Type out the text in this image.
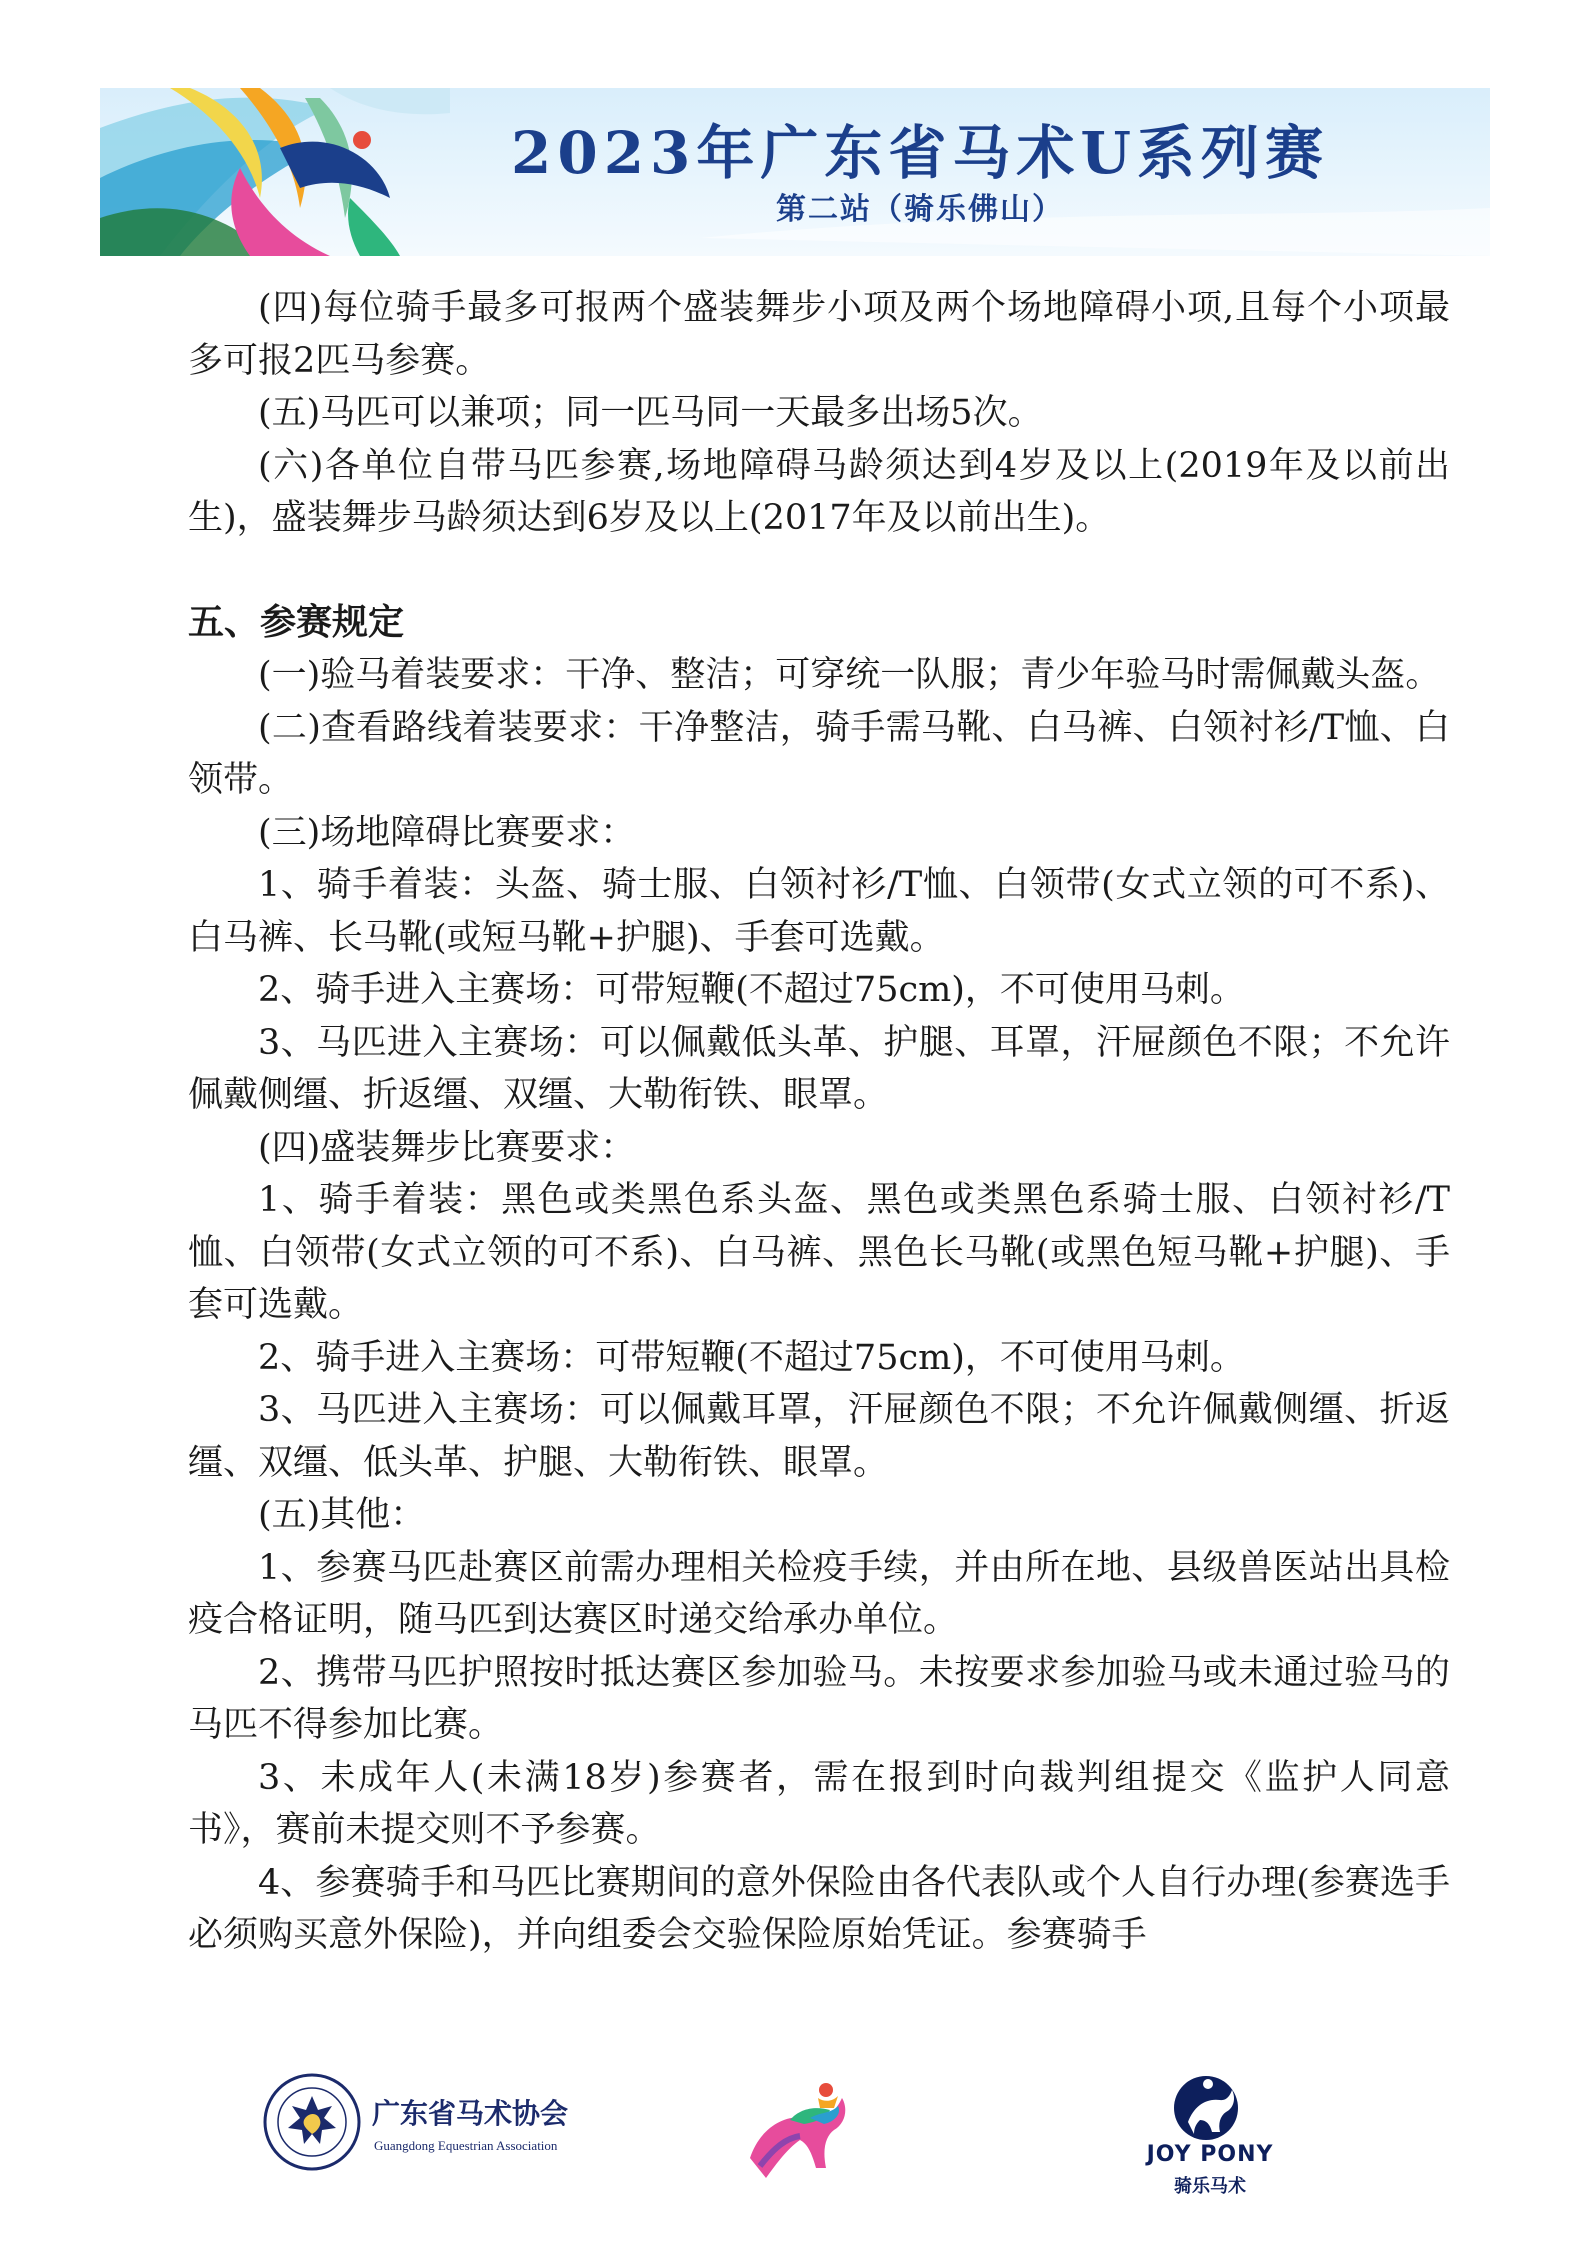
2023年广东省马术U系列赛
第二站（骑乐佛山）

(四)每位骑手最多可报两个盛装舞步小项及两个场地障碍小项,且每个小项最多可报2匹马参赛。

(五)马匹可以兼项；同一匹马同一天最多出场5次。

(六)各单位自带马匹参赛,场地障碍马龄须达到4岁及以上(2019年及以前出生)，盛装舞步马龄须达到6岁及以上(2017年及以前出生)。

五、参赛规定

(一)验马着装要求：干净、整洁；可穿统一队服；青少年验马时需佩戴头盔。

(二)查看路线着装要求：干净整洁，骑手需马靴、白马裤、白领衬衫/T恤、白领带。

(三)场地障碍比赛要求：

1、骑手着装：头盔、骑士服、白领衬衫/T恤、白领带(女式立领的可不系)、白马裤、长马靴(或短马靴+护腿)、手套可选戴。

2、骑手进入主赛场：可带短鞭(不超过75cm)，不可使用马刺。

3、马匹进入主赛场：可以佩戴低头革、护腿、耳罩，汗屉颜色不限；不允许佩戴侧缰、折返缰、双缰、大勒衔铁、眼罩。

(四)盛装舞步比赛要求：

1、骑手着装：黑色或类黑色系头盔、黑色或类黑色系骑士服、白领衬衫/T恤、白领带(女式立领的可不系)、白马裤、黑色长马靴(或黑色短马靴+护腿)、手套可选戴。

2、骑手进入主赛场：可带短鞭(不超过75cm)，不可使用马刺。

3、马匹进入主赛场：可以佩戴耳罩，汗屉颜色不限；不允许佩戴侧缰、折返缰、双缰、低头革、护腿、大勒衔铁、眼罩。

(五)其他：

1、参赛马匹赴赛区前需办理相关检疫手续，并由所在地、县级兽医站出具检疫合格证明，随马匹到达赛区时递交给承办单位。

2、携带马匹护照按时抵达赛区参加验马。未按要求参加验马或未通过验马的马匹不得参加比赛。

3、未成年人(未满18岁)参赛者，需在报到时向裁判组提交《监护人同意书》，赛前未提交则不予参赛。

4、参赛骑手和马匹比赛期间的意外保险由各代表队或个人自行办理(参赛选手必须购买意外保险)，并向组委会交验保险原始凭证。参赛骑手

广东省马术协会
Guangdong Equestrian Association	JOY PONY
骑乐马术
